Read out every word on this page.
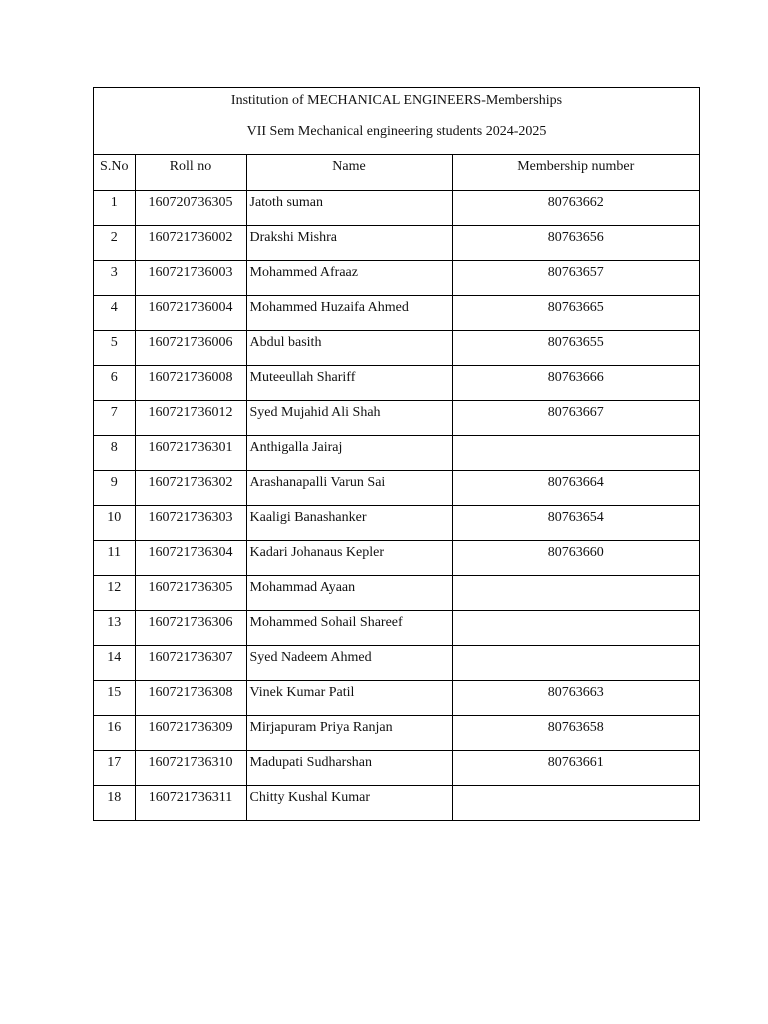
Institution of MECHANICAL ENGINEERS-Memberships
VII Sem Mechanical engineering students 2024-2025
S.No	Roll no	Name	Membership number
1	160720736305	Jatoth suman	80763662
2	160721736002	Drakshi Mishra	80763656
3	160721736003	Mohammed Afraaz	80763657
4	160721736004	Mohammed Huzaifa Ahmed	80763665
5	160721736006	Abdul basith	80763655
6	160721736008	Muteeullah Shariff	80763666
7	160721736012	Syed Mujahid Ali Shah	80763667
8	160721736301	Anthigalla Jairaj	
9	160721736302	Arashanapalli Varun Sai	80763664
10	160721736303	Kaaligi Banashanker	80763654
11	160721736304	Kadari Johanaus Kepler	80763660
12	160721736305	Mohammad Ayaan	
13	160721736306	Mohammed Sohail Shareef	
14	160721736307	Syed Nadeem Ahmed	
15	160721736308	Vinek Kumar Patil	80763663
16	160721736309	Mirjapuram Priya Ranjan	80763658
17	160721736310	Madupati Sudharshan	80763661
18	160721736311	Chitty Kushal Kumar	
